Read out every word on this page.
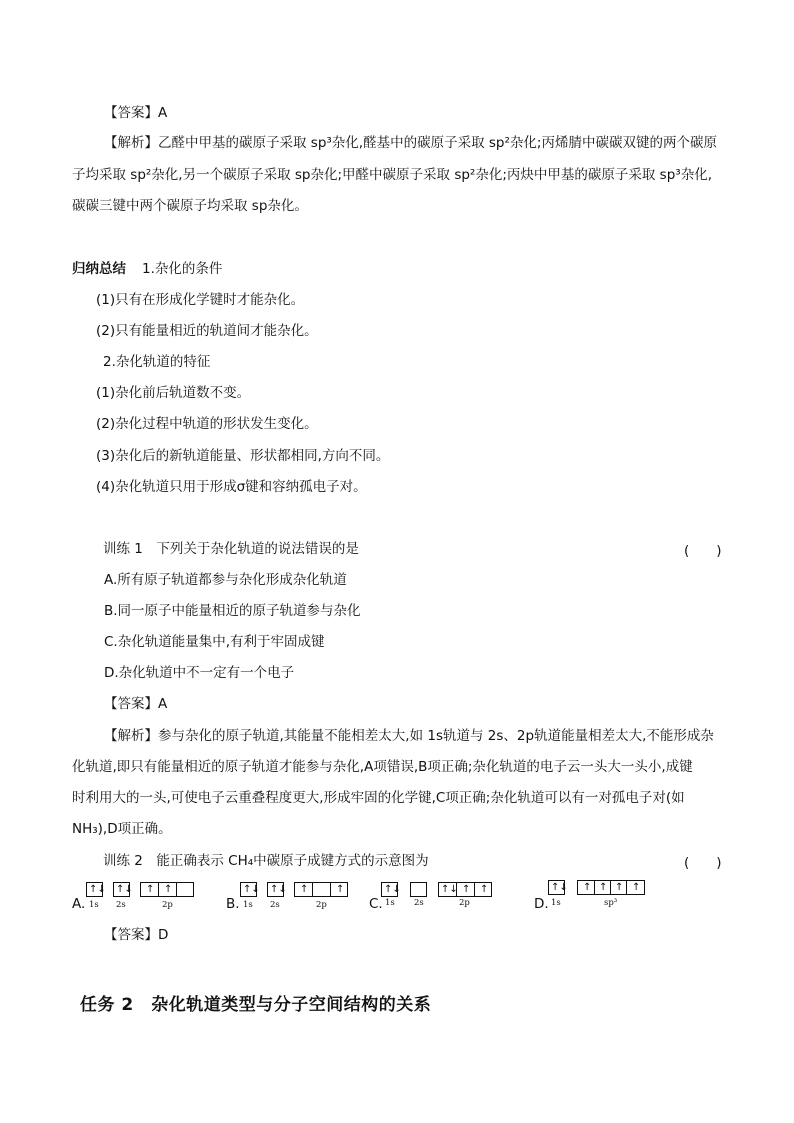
【答案】A
【解析】乙醛中甲基的碳原子采取 sp³杂化,醛基中的碳原子采取 sp²杂化;丙烯腈中碳碳双键的两个碳原
子均采取 sp²杂化,另一个碳原子采取 sp杂化;甲醛中碳原子采取 sp²杂化;丙炔中甲基的碳原子采取 sp³杂化,
碳碳三键中两个碳原子均采取 sp杂化。
归纳总结 1.杂化的条件
(1)只有在形成化学键时才能杂化。
(2)只有能量相近的轨道间才能杂化。
2.杂化轨道的特征
(1)杂化前后轨道数不变。
(2)杂化过程中轨道的形状发生变化。
(3)杂化后的新轨道能量、形状都相同,方向不同。
(4)杂化轨道只用于形成σ键和容纳孤电子对。
训练 1　下列关于杂化轨道的说法错误的是	(　　)
A.所有原子轨道都参与杂化形成杂化轨道
B.同一原子中能量相近的原子轨道参与杂化
C.杂化轨道能量集中,有利于牢固成键
D.杂化轨道中不一定有一个电子
【答案】A
【解析】参与杂化的原子轨道,其能量不能相差太大,如 1s轨道与 2s、2p轨道能量相差太大,不能形成杂
化轨道,即只有能量相近的原子轨道才能参与杂化,A项错误,B项正确;杂化轨道的电子云一头大一头小,成键
时利用大的一头,可使电子云重叠程度更大,形成牢固的化学键,C项正确;杂化轨道可以有一对孤电子对(如
NH₃),D项正确。
训练 2　能正确表示 CH₄中碳原子成键方式的示意图为	(　　)
A.
↑↓ ↑↓ ↑ ↑
1s 2s	2p	B.
↑↓ ↑↓ ↑	↑
1s 2s	2p	C.
↑↓	↑↓ ↑ ↑
1s 2s	2p	D.
↑↓ ↑ ↑ ↑ ↑
1s	sp³
【答案】D
任务 2　杂化轨道类型与分子空间结构的关系
